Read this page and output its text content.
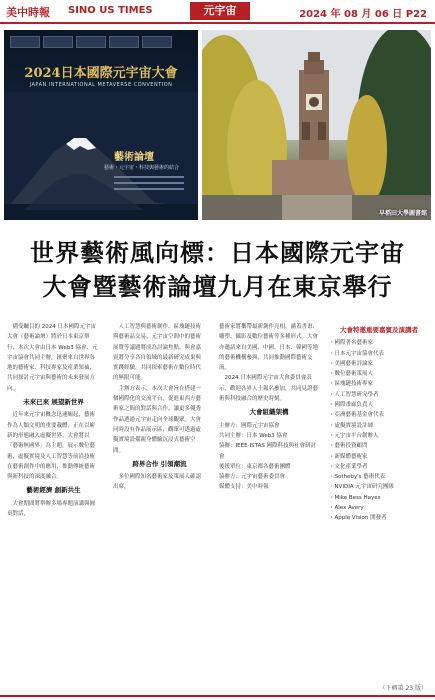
美中時報 SINO US TIMES	元宇宙	2024 年 08 月 06 日 P22
2024日本國際元宇宙大會
JAPAN INTERNATIONAL METAVERSE CONVENTION
藝術論壇
藝術・元宇宙・科技與藝術的結合
早稻田大學圖書館
世界藝術風向標：日本國際元宇宙
大會暨藝術論壇九月在東京舉行
　備受矚目的 2024 日本國際元宇宙大會（藝術論壇）將於日本東京舉行，本次大會由日本 Web3 協會、元宇宙協會共同主辦，匯聚來自世界各地的藝術家、科技專家及產業領袖，共同探討元宇宙與藝術的未來發展方向。
未來已來 展望新世界
　近年來元宇宙概念迅速崛起，藝術作為人類文明的重要載體，正在以嶄新的形態融入虛擬世界。大會將以「藝術無國界」為主題，展示數位藝術、虛擬實境及人工智慧等前沿技術在藝術創作中的應用，推動傳統藝術與新科技的深度融合。
藝術經濟 創新共生
　大會期間將舉辦多場專題演講與圓桌對話，
　人工智慧與藝術創作、區塊鏈技術與藝術品交易、元宇宙空間中的藝術展覽等議題將成為討論焦點。與會嘉賓將分享各自領域的最新研究成果與實踐經驗，共同探索藝術在數位時代的無限可能。
　主辦方表示，本次大會旨在搭建一個國際化的交流平台，促進東西方藝術家之間的對話與合作，讓更多優秀作品透過元宇宙走向全球觀眾。大會同時設有作品展示區，觀眾可透過虛擬實境設備親身體驗沉浸式藝術空間。
跨界合作 引領潮流
　多位國際知名藝術家及策展人確認出席，
藝術家將攜帶最新創作亮相，涵蓋書畫、雕塑、攝影及數位藝術等多種形式。大會亦邀請來自美國、中國、日本、韓國等地的藝術機構參與，共同推動國際藝術交流。
　2024 日本國際元宇宙大會委員會表示，歡迎各界人士報名參加，共同見證藝術與科技融合的歷史時刻。
大會組織架構
主辦方：國際元宇宙協會
共同主辦：日本 Web3 協會
協辦：IEEE-ISTAS 國際科技與社會研討會
後援單位：東京都各藝術團體
協辦方：元宇宙藝術委員會
媒體支持：美中時報
大會特邀重要嘉賓及演講者
・國際著名藝術家
・日本元宇宙協會代表
・美國藝術評論家
・數位藝術策展人
・區塊鏈技術專家
・人工智慧研究學者
・國際畫廊負責人
・亞洲藝術基金會代表
・虛擬實境設計師
・元宇宙平台創辦人
・藝術投資顧問
・新媒體藝術家
・文化產業學者
・Sotheby's 藝術代表
・NVIDIA 元宇宙研究團隊
・Mike Bess Hayes
・Alex Avery
・Apple Vision 開發者
（下轉第 23 版）
